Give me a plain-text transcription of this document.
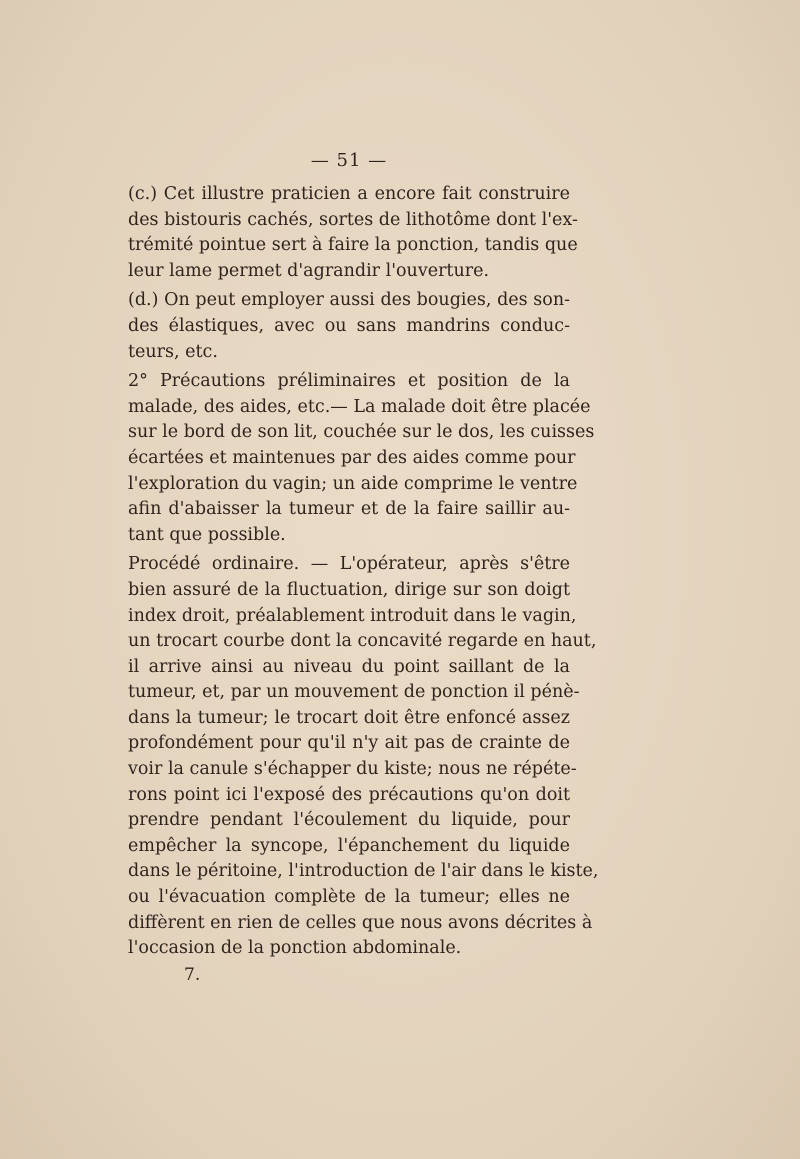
— 51 —
(c.) Cet illustre praticien a encore fait construire
des bistouris cachés, sortes de lithotôme dont l'ex-
trémité pointue sert à faire la ponction, tandis que
leur lame permet d'agrandir l'ouverture.
(d.) On peut employer aussi des bougies, des son-
des élastiques, avec ou sans mandrins conduc-
teurs, etc.
2° Précautions préliminaires et position de la
malade, des aides, etc.— La malade doit être placée
sur le bord de son lit, couchée sur le dos, les cuisses
écartées et maintenues par des aides comme pour
l'exploration du vagin; un aide comprime le ventre
afin d'abaisser la tumeur et de la faire saillir au-
tant que possible.
Procédé ordinaire. — L'opérateur, après s'être
bien assuré de la fluctuation, dirige sur son doigt
index droit, préalablement introduit dans le vagin,
un trocart courbe dont la concavité regarde en haut,
il arrive ainsi au niveau du point saillant de la
tumeur, et, par un mouvement de ponction il pénè-
dans la tumeur; le trocart doit être enfoncé assez
profondément pour qu'il n'y ait pas de crainte de
voir la canule s'échapper du kiste; nous ne répéte-
rons point ici l'exposé des précautions qu'on doit
prendre pendant l'écoulement du liquide, pour
empêcher la syncope, l'épanchement du liquide
dans le péritoine, l'introduction de l'air dans le kiste,
ou l'évacuation complète de la tumeur; elles ne
diffèrent en rien de celles que nous avons décrites à
l'occasion de la ponction abdominale.
7.
